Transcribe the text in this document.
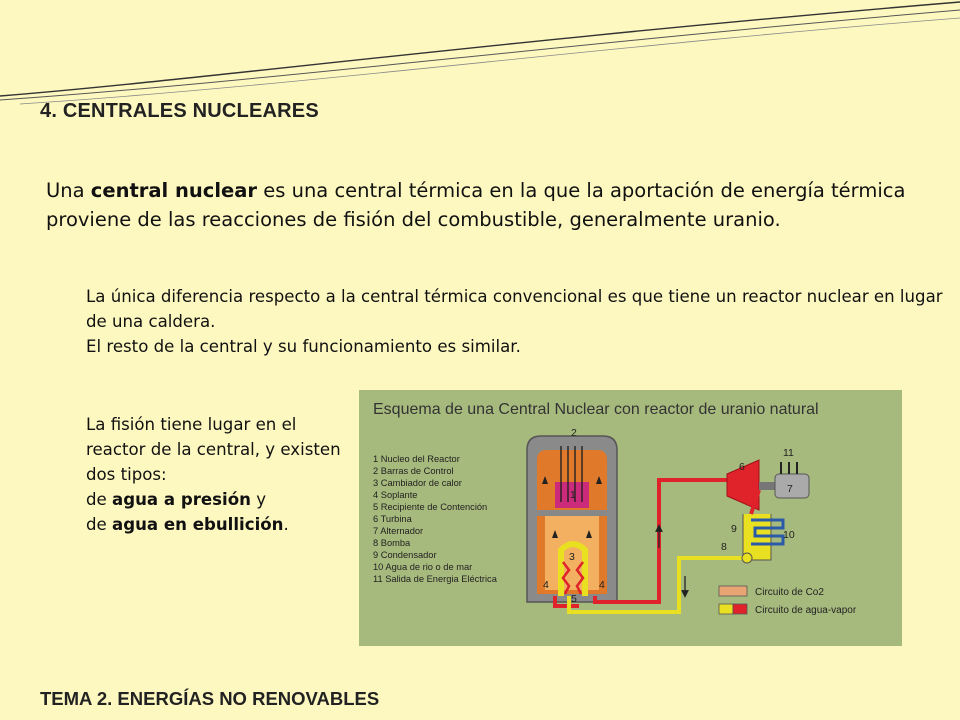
4. CENTRALES NUCLEARES
Una central nuclear es una central térmica en la que la aportación de energía térmica proviene de las reacciones de fisión del combustible, generalmente uranio.
La única diferencia respecto a la central térmica convencional es que tiene un reactor nuclear en lugar de una caldera.
El resto de la central y su funcionamiento es similar.
La fisión tiene lugar en el reactor de la central, y existen dos tipos:
de agua a presión y
de agua en ebullición.
Esquema de una Central Nuclear con reactor de uranio natural
1 Nucleo del Reactor
2 Barras de Control
3 Cambiador de calor
4 Soplante
5 Recipiente de Contención
6 Turbina
7 Alternador
8 Bomba
9 Condensador
10 Agua de rio o de mar
11 Salida de Energia Eléctrica
2
1
3
4	4
5
6
7
8
9	10
11
Circuito de Co2
Circuito de agua-vapor
TEMA 2. ENERGÍAS NO RENOVABLES
